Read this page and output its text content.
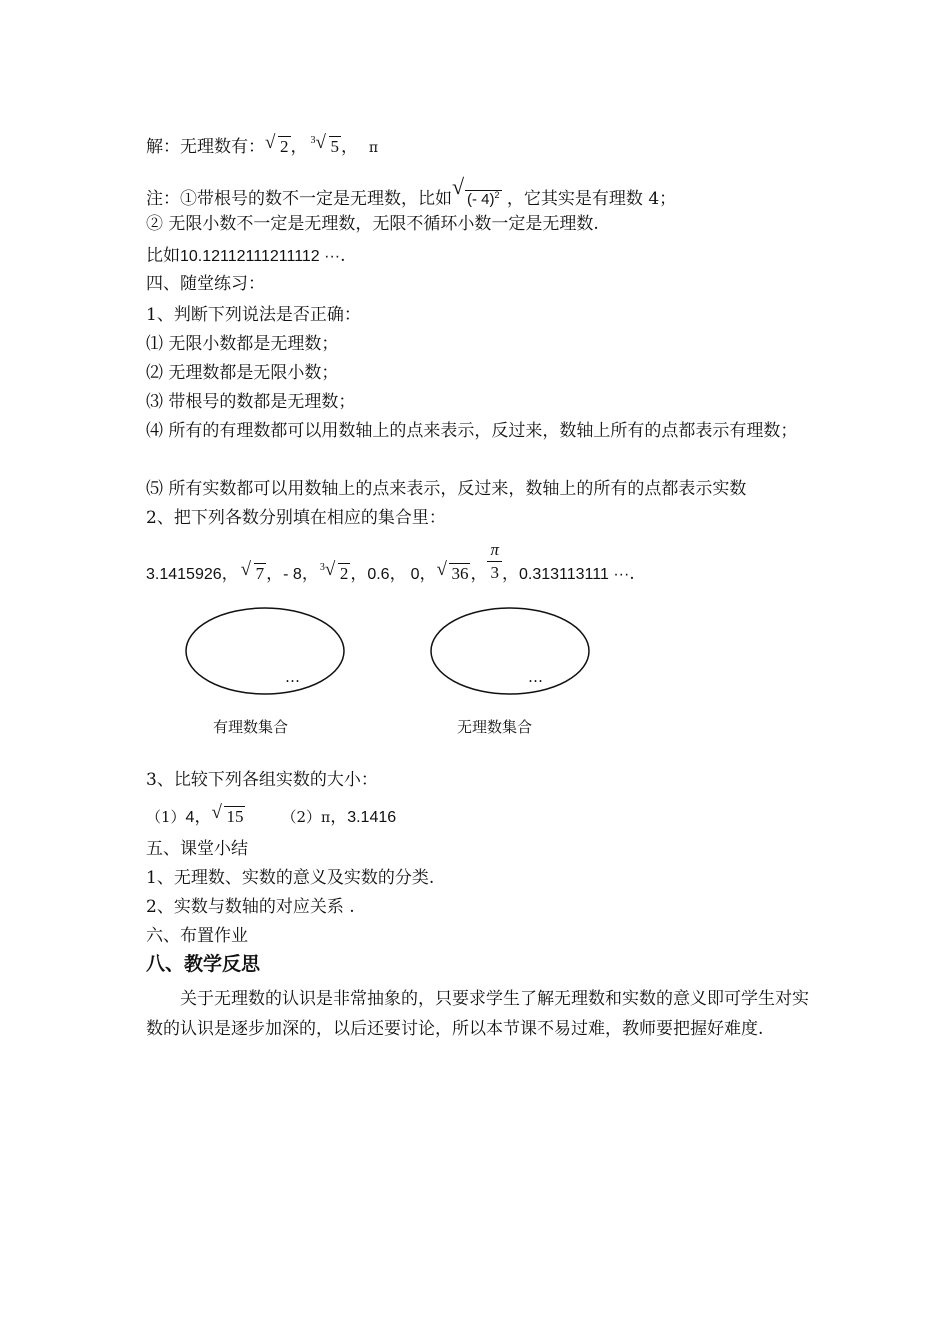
解：无理数有： √ 2 ， 3 √ 5 ， π
注：①带根号的数不一定是无理数，比如 √
(- 4)$^2$ ，它其实是有理数 4；
② 无限小数不一定是无理数，无限不循环小数一定是无理数.
比如10.12112111211112 ···.
四、随堂练习：
1、判断下列说法是否正确：
⑴ 无限小数都是无理数；
⑵ 无理数都是无限小数；
⑶ 带根号的数都是无理数；
⑷ 所有的有理数都可以用数轴上的点来表示，反过来，数轴上所有的点都表示有理数；
⑸ 所有实数都可以用数轴上的点来表示，反过来，数轴上的所有的点都表示实数
2、把下列各数分别填在相应的集合里：
3.1415926， √ 7 ，- 8， 3 √ 2 ，0.6， 0， √ 36 ， $\frac{\pi}{3}$ ，0.313113111 ···.
…	…
有理数集合	无理数集合
3、比较下列各组实数的大小：
（1）4， √ 15	（2）π，3.1416
五、课堂小结
1、无理数、实数的意义及实数的分类.
2、实数与数轴的对应关系 .
六、布置作业
八、教学反思
关于无理数的认识是非常抽象的，只要求学生了解无理数和实数的意义即可学生对实数的认识是逐步加深的，以后还要讨论，所以本节课不易过难，教师要把握好难度.
